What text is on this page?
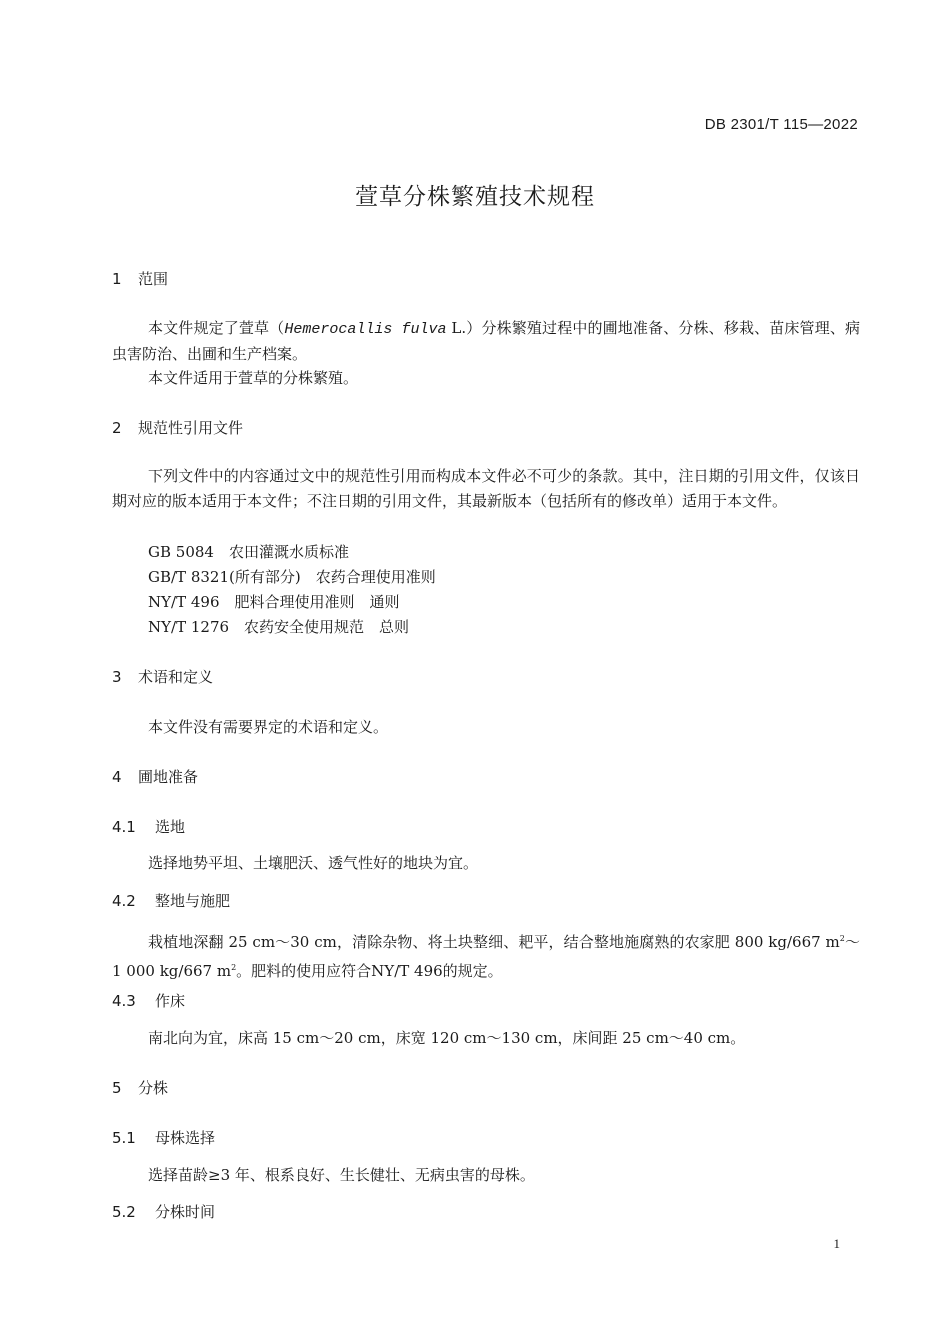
DB 2301/T 115—2022
萱草分株繁殖技术规程
1 范围
本文件规定了萱草（Hemerocallis fulva L.）分株繁殖过程中的圃地准备、分株、移栽、苗床管理、病虫害防治、出圃和生产档案。
本文件适用于萱草的分株繁殖。
2 规范性引用文件
下列文件中的内容通过文中的规范性引用而构成本文件必不可少的条款。其中，注日期的引用文件，仅该日期对应的版本适用于本文件；不注日期的引用文件，其最新版本（包括所有的修改单）适用于本文件。
GB 5084　农田灌溉水质标准
GB/T 8321(所有部分)　农药合理使用准则
NY/T 496　肥料合理使用准则　通则
NY/T 1276　农药安全使用规范　总则
3 术语和定义
本文件没有需要界定的术语和定义。
4 圃地准备
4.1 选地
选择地势平坦、土壤肥沃、透气性好的地块为宜。
4.2 整地与施肥
栽植地深翻 25 cm～30 cm，清除杂物、将土块整细、耙平，结合整地施腐熟的农家肥 800 kg/667 $m^2\sim 1$ 000 kg/667 $m^2$。肥料的使用应符合NY/T 496的规定。
4.3 作床
南北向为宜，床高 15 cm～20 cm，床宽 120 cm～130 cm，床间距 25 cm～40 cm。
5 分株
5.1 母株选择
选择苗龄≥3 年、根系良好、生长健壮、无病虫害的母株。
5.2 分株时间
1
